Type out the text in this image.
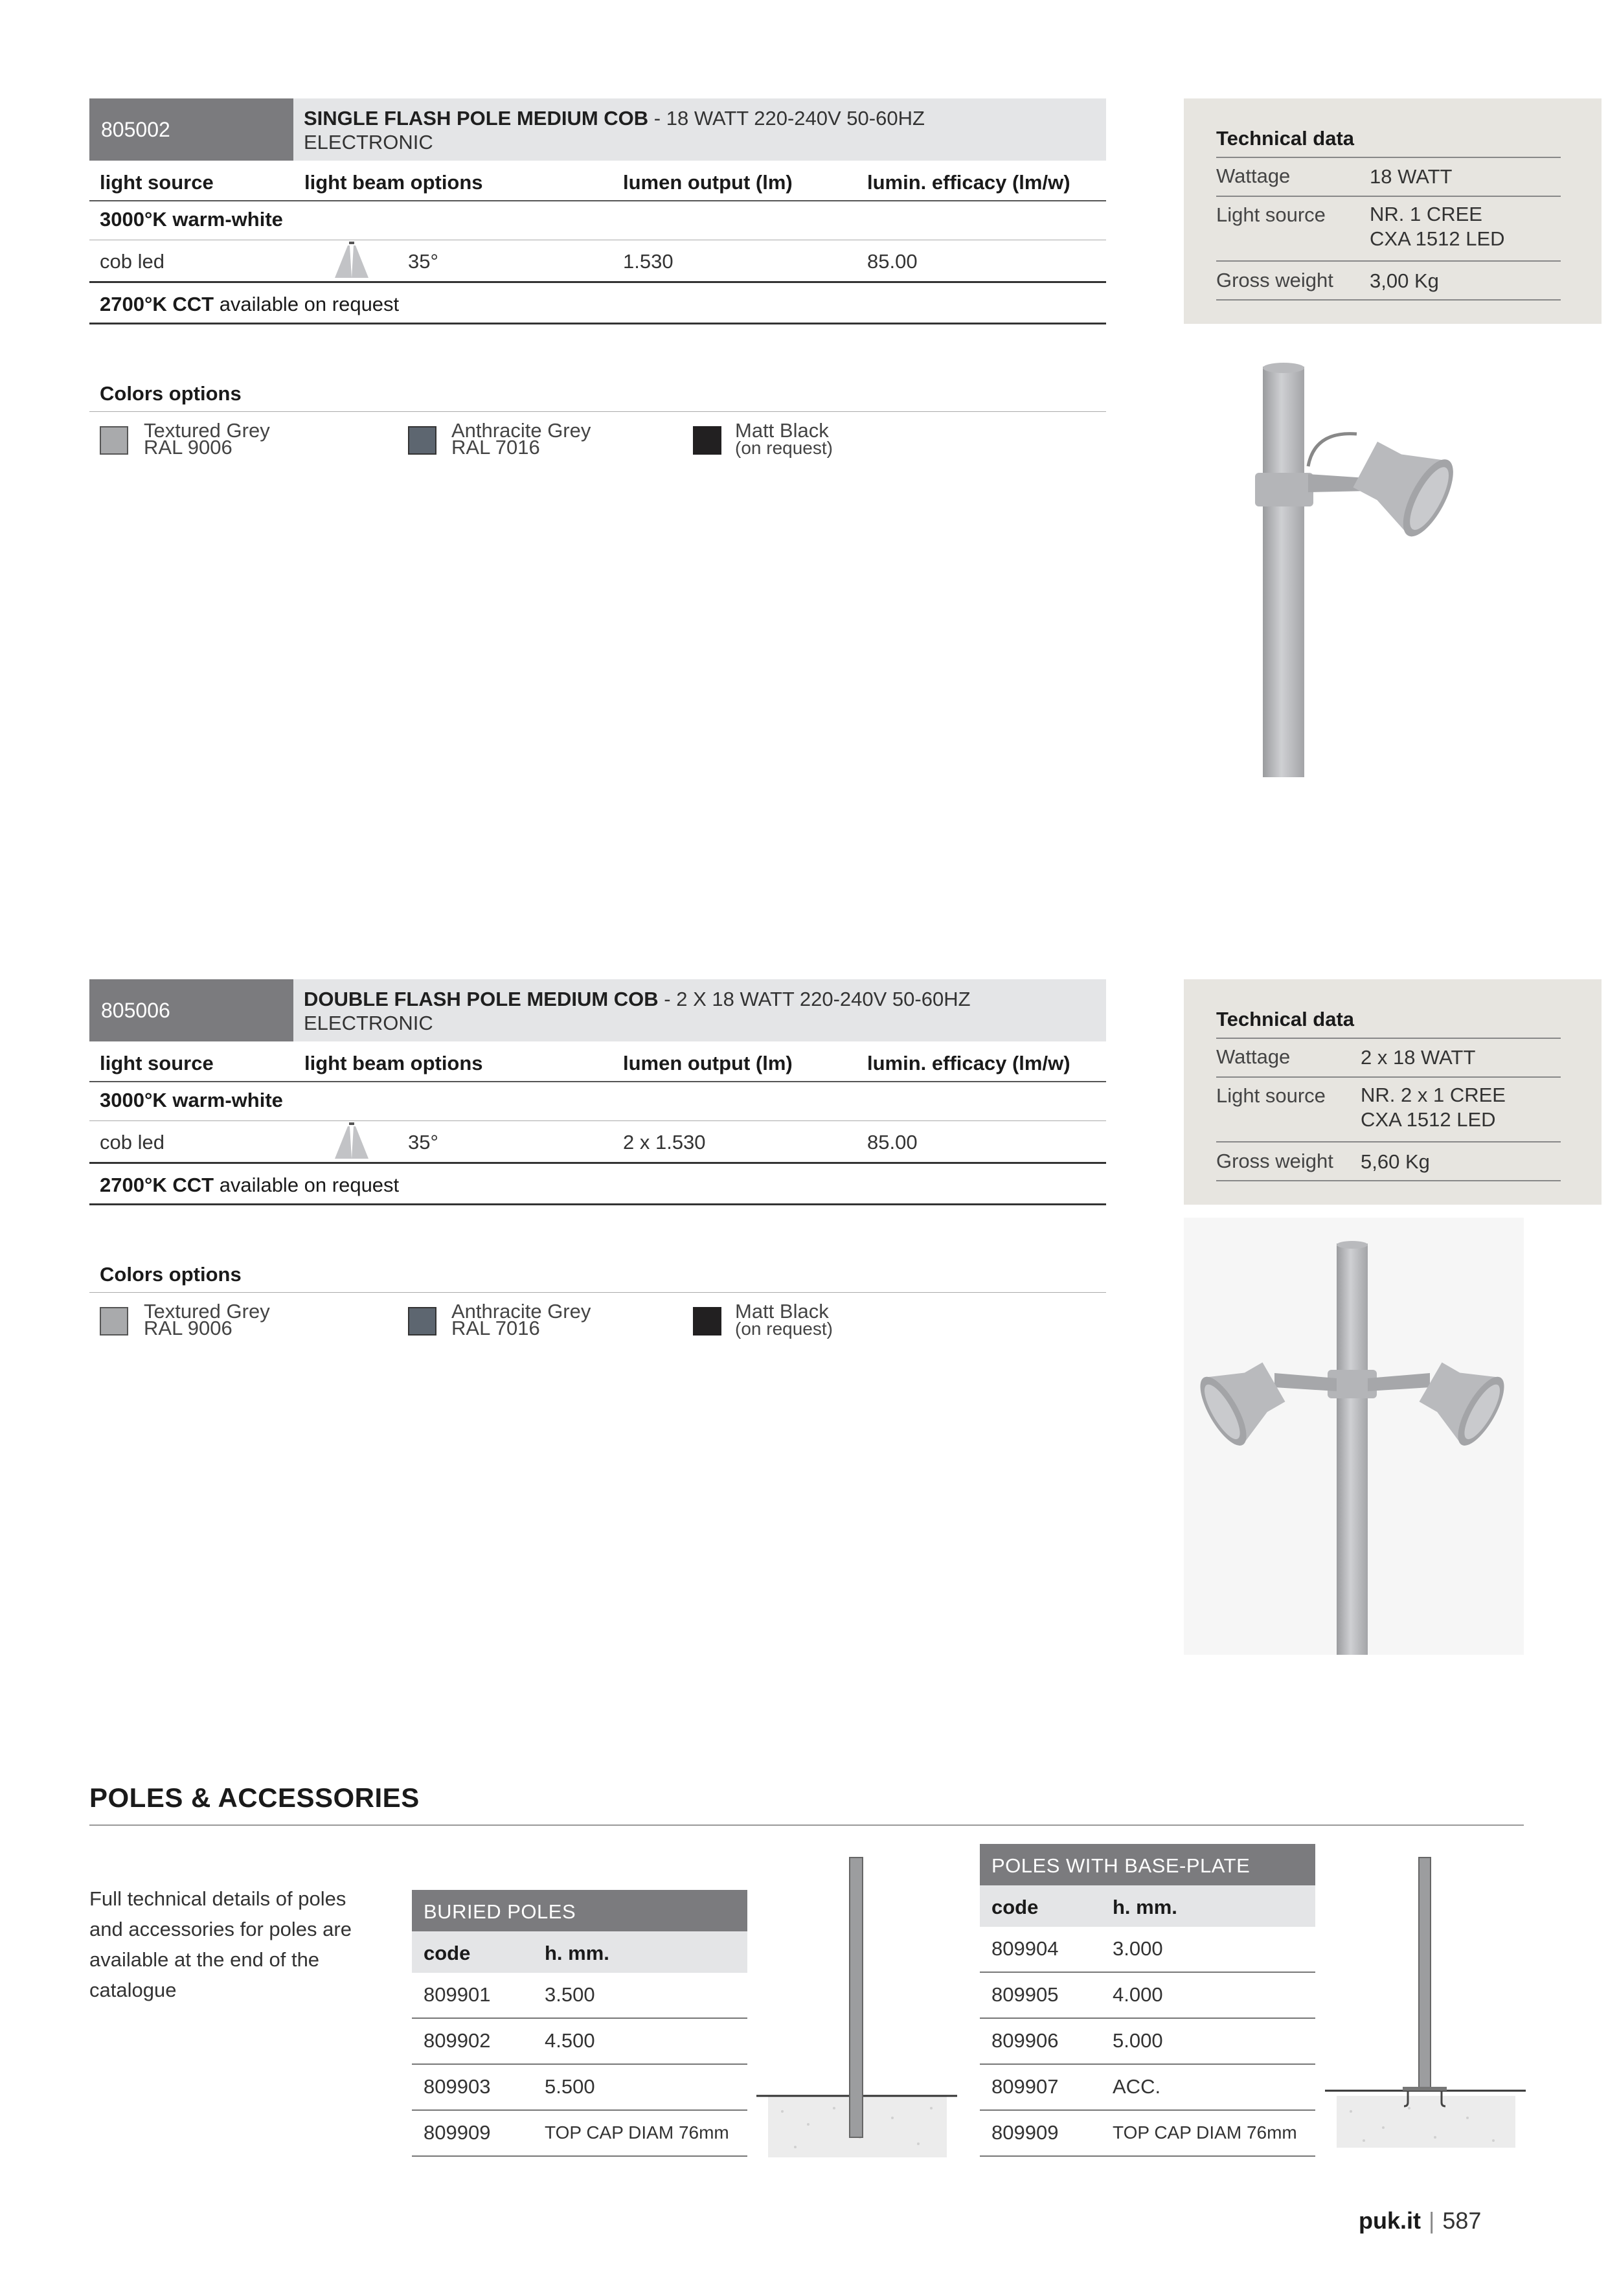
805002	SINGLE FLASH POLE MEDIUM COB - 18 WATT 220-240V 50-60HZ
ELECTRONIC
light source	light beam options	lumen output (lm)	lumin. efficacy (lm/w)
3000°K warm-white
cob led	35°	1.530	85.00
2700°K CCT available on request
Colors options
Textured Grey
RAL 9006
Anthracite Grey
RAL 7016
Matt Black
(on request)
Technical data
Wattage	18 WATT
Light source NR. 1 CREE
CXA 1512 LED
Gross weight 3,00 Kg
805006	DOUBLE FLASH POLE MEDIUM COB - 2 X 18 WATT 220-240V 50-60HZ
ELECTRONIC
light source	light beam options	lumen output (lm)	lumin. efficacy (lm/w)
3000°K warm-white
cob led	35°	2 x 1.530	85.00
2700°K CCT available on request
Colors options
Textured Grey
RAL 9006
Anthracite Grey
RAL 7016
Matt Black
(on request)
Technical data
Wattage	2 x 18 WATT
Light source NR. 2 x 1 CREE
CXA 1512 LED
Gross weight 5,60 Kg
POLES & ACCESSORIES
Full technical details of poles and accessories for poles are available at the end of the catalogue
BURIED POLES
code	h. mm.
809901	3.500
809902	4.500
809903	5.500
809909	TOP CAP DIAM 76mm
POLES WITH BASE-PLATE
code	h. mm.
809904	3.000
809905	4.000
809906	5.000
809907	ACC.
809909	TOP CAP DIAM 76mm
puk.it | 587
